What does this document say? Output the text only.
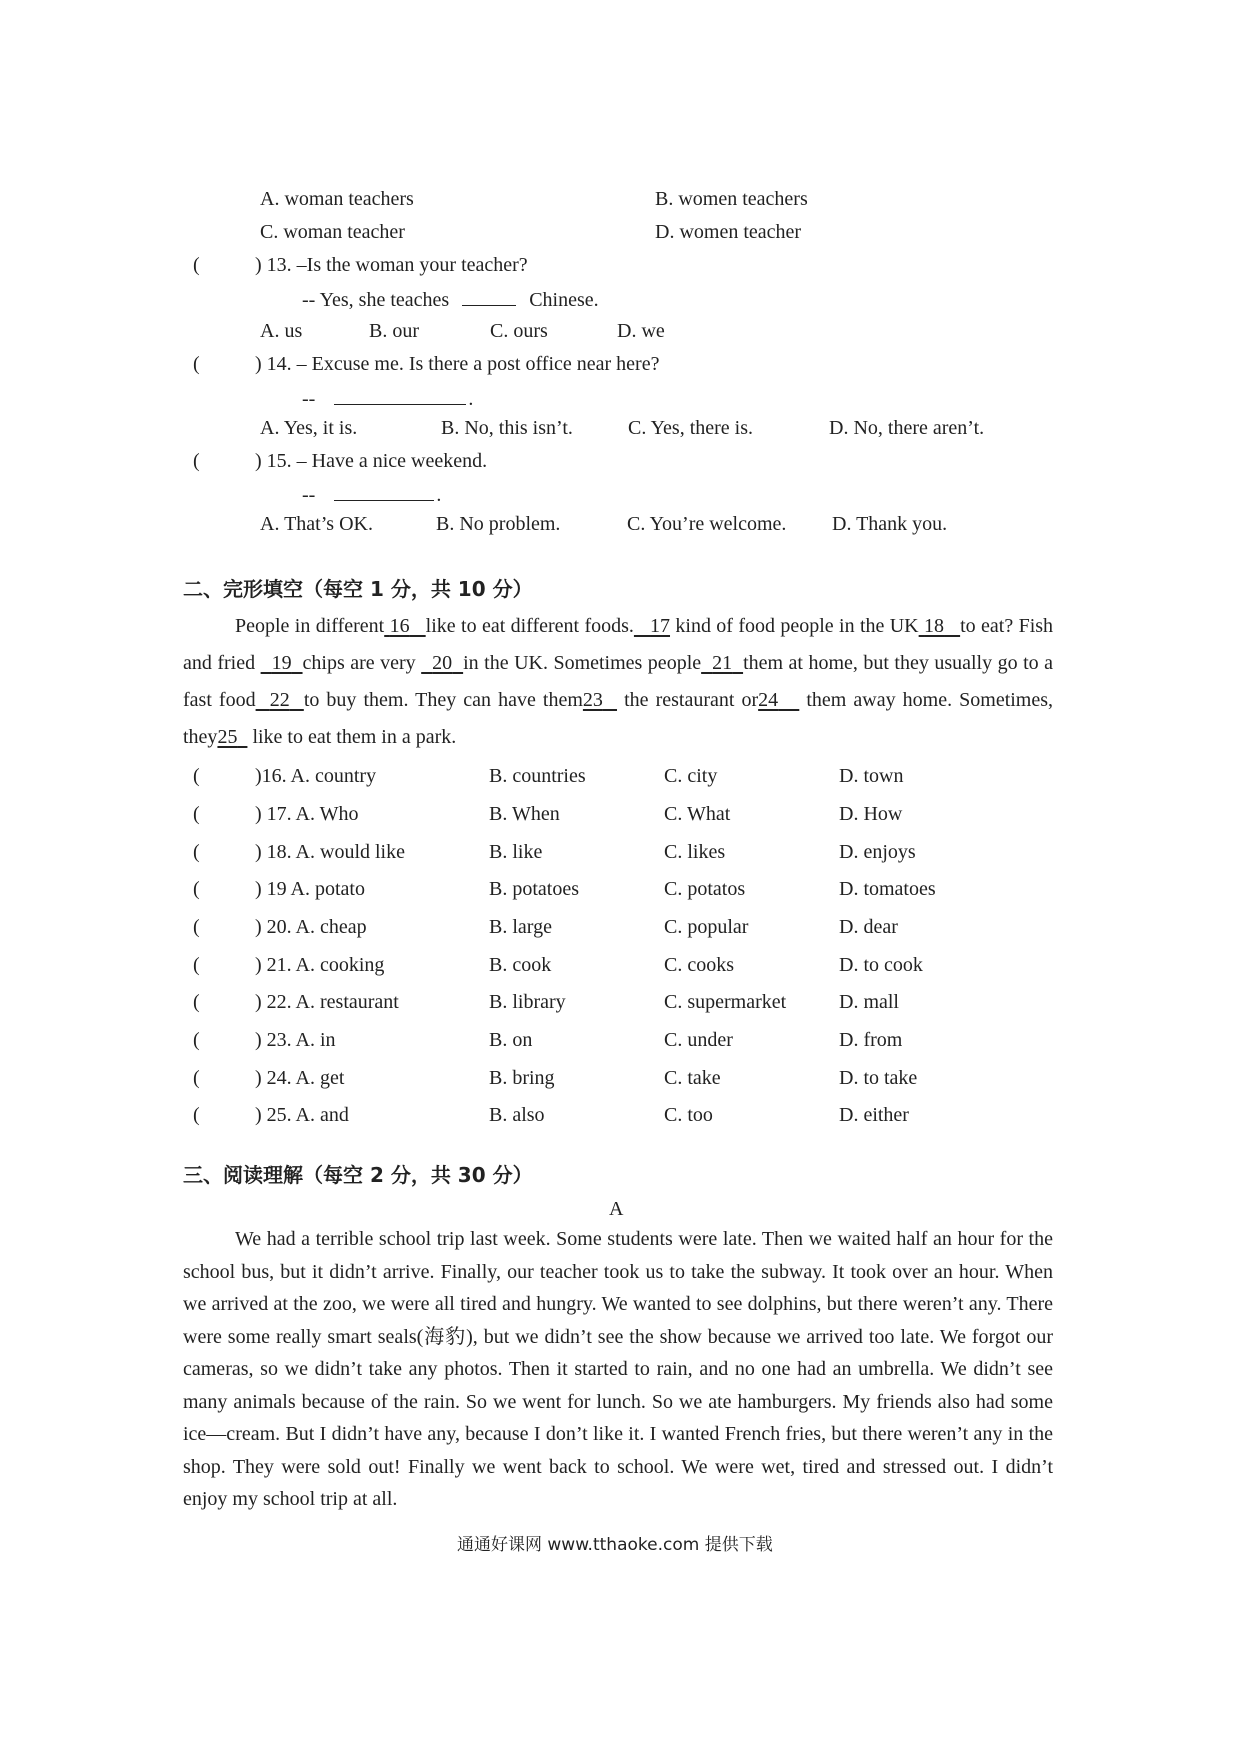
A. woman teachers	B. women teachers
C. woman teacher	D. women teacher
(	) 13. –Is the woman your teacher?
-- Yes, she teaches	Chinese.
A. us	B. our	C. ours	D. we
(	) 14. – Excuse me. Is there a post office near here?
--	.
A. Yes, it is.	B. No, this isn’t.	C. Yes, there is.	D. No, there aren’t.
(	) 15. – Have a nice weekend.
--	.
A. That’s OK.	B. No problem.	C. You’re welcome. D. Thank you.
二、完形填空（每空 1 分，共 10 分）

People in different 16 like to eat different foods. 17 kind of food people in the UK 18 to eat? Fish and fried 19 chips are very 20 in the UK. Sometimes people 21 them at home, but they usually go to a fast food 22 to buy them. They can have them23 the restaurant or24 them away home. Sometimes, they25 like to eat them in a park.

(	)16. A. country	B. countries	C. city	D. town
(	) 17. A. Who	B. When	C. What	D. How
(	) 18. A. would like	B. like	C. likes	D. enjoys
(	) 19 A. potato	B. potatoes	C. potatos	D. tomatoes
(	) 20. A. cheap	B. large	C. popular	D. dear
(	) 21. A. cooking	B. cook	C. cooks	D. to cook
(	) 22. A. restaurant	B. library	C. supermarket	D. mall
(	) 23. A. in	B. on	C. under	D. from
(	) 24. A. get	B. bring	C. take	D. to take
(	) 25. A. and	B. also	C. too	D. either
三、阅读理解（每空 2 分，共 30 分）
A

We had a terrible school trip last week. Some students were late. Then we waited half an hour for the school bus, but it didn’t arrive. Finally, our teacher took us to take the subway. It took over an hour. When we arrived at the zoo, we were all tired and hungry. We wanted to see dolphins, but there weren’t any. There were some really smart seals(海豹), but we didn’t see the show because we arrived too late. We forgot our cameras, so we didn’t take any photos. Then it started to rain, and no one had an umbrella. We didn’t see many animals because of the rain. So we went for lunch. So we ate hamburgers. My friends also had some ice—cream. But I didn’t have any, because I don’t like it. I wanted French fries, but there weren’t any in the shop. They were sold out! Finally we went back to school. We were wet, tired and stressed out. I didn’t enjoy my school trip at all.

通通好课网 www.tthaoke.com 提供下载
